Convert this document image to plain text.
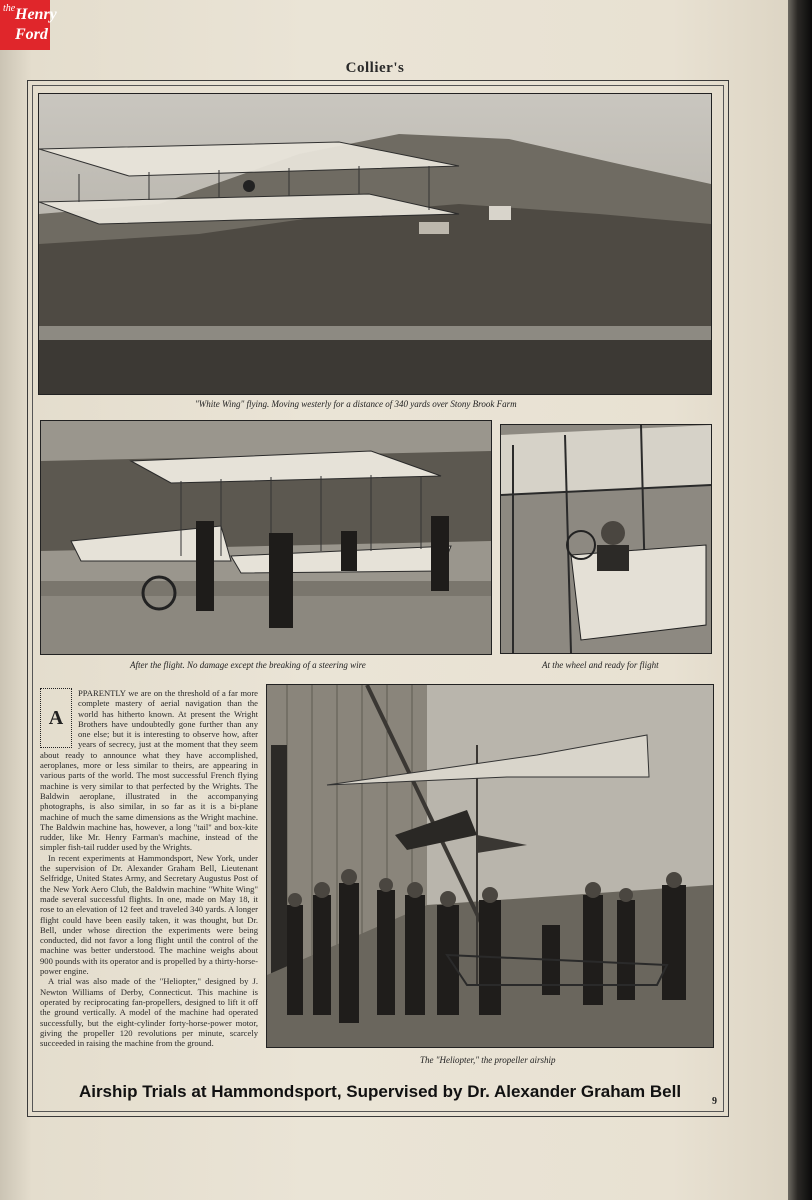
the Henry
Ford
Collier's
"White Wing" flying. Moving westerly for a distance of 340 yards over Stony Brook Farm
After the flight. No damage except the breaking of a steering wire	At the wheel and ready for flight
A

PPARENTLY we are on the threshold of a far more complete mastery of aerial navigation than the world has hitherto known. At present the Wright Brothers have undoubtedly gone further than any one else; but it is interesting to observe how, after years of secrecy, just at the moment that they seem about ready to announce what they have accomplished, aeroplanes, more or less similar to theirs, are appearing in various parts of the world. The most successful French flying machine is very similar to that perfected by the Wrights. The Baldwin aeroplane, illustrated in the accompanying photographs, is also similar, in so far as it is a bi-plane machine of much the same dimensions as the Wright machine. The Baldwin machine has, however, a long "tail" and box-kite rudder, like Mr. Henry Farman's machine, instead of the simpler fish-tail rudder used by the Wrights.

In recent experiments at Hammondsport, New York, under the supervision of Dr. Alexander Graham Bell, Lieutenant Selfridge, United States Army, and Secretary Augustus Post of the New York Aero Club, the Baldwin machine "White Wing" made several successful flights. In one, made on May 18, it rose to an elevation of 12 feet and traveled 340 yards. A longer flight could have been easily taken, it was thought, but Dr. Bell, under whose direction the experiments were being conducted, did not favor a long flight until the control of the machine was better understood. The machine weighs about 900 pounds with its operator and is propelled by a thirty-horse-power engine.

A trial was also made of the "Heliopter," designed by J. Newton Williams of Derby, Connecticut. This machine is operated by reciprocating fan-propellers, designed to lift it off the ground vertically. A model of the machine had operated successfully, but the eight-cylinder forty-horse-power motor, giving the propeller 120 revolutions per minute, scarcely succeeded in raising the machine from the ground.

The "Heliopter," the propeller airship
Airship Trials at Hammondsport, Supervised by Dr. Alexander Graham Bell
9
